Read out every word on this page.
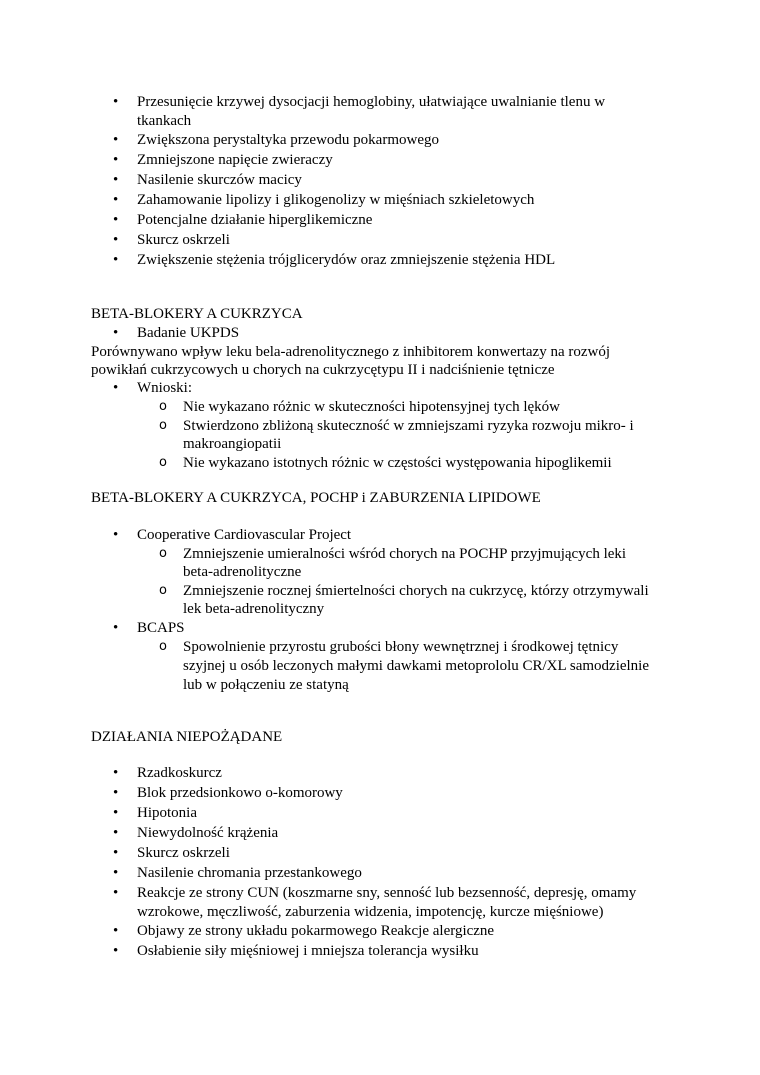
• Przesunięcie krzywej dysocjacji hemoglobiny, ułatwiające uwalnianie tlenu w
tkankach
• Zwiększona perystaltyka przewodu pokarmowego
• Zmniejszone napięcie zwieraczy
• Nasilenie skurczów macicy
• Zahamowanie lipolizy i glikogenolizy w mięśniach szkieletowych
• Potencjalne działanie hiperglikemiczne
• Skurcz oskrzeli
• Zwiększenie stężenia trójglicerydów oraz zmniejszenie stężenia HDL
BETA-BLOKERY A CUKRZYCA
• Badanie UKPDS
Porównywano wpływ leku bela-adrenolitycznego z inhibitorem konwertazy na rozwój
powikłań cukrzycowych u chorych na cukrzycętypu II i nadciśnienie tętnicze
• Wnioski:
o Nie wykazano różnic w skuteczności hipotensyjnej tych lęków
o Stwierdzono zbliżoną skuteczność w zmniejszami ryzyka rozwoju mikro- i
makroangiopatii
o Nie wykazano istotnych różnic w częstości występowania hipoglikemii
BETA-BLOKERY A CUKRZYCA, POCHP i ZABURZENIA LIPIDOWE
• Cooperative Cardiovascular Project
o Zmniejszenie umieralności wśród chorych na POCHP przyjmujących leki
beta-adrenolityczne
o Zmniejszenie rocznej śmiertelności chorych na cukrzycę, którzy otrzymywali
lek beta-adrenolityczny
• BCAPS
o Spowolnienie przyrostu grubości błony wewnętrznej i środkowej tętnicy
szyjnej u osób leczonych małymi dawkami metoprololu CR/XL samodzielnie
lub w połączeniu ze statyną
DZIAŁANIA NIEPOŻĄDANE
• Rzadkoskurcz
• Blok przedsionkowo o-komorowy
• Hipotonia
• Niewydolność krążenia
• Skurcz oskrzeli
• Nasilenie chromania przestankowego
• Reakcje ze strony CUN (koszmarne sny, senność lub bezsenność, depresję, omamy
wzrokowe, męczliwość, zaburzenia widzenia, impotencję, kurcze mięśniowe)
• Objawy ze strony układu pokarmowego Reakcje alergiczne
• Osłabienie siły mięśniowej i mniejsza tolerancja wysiłku
